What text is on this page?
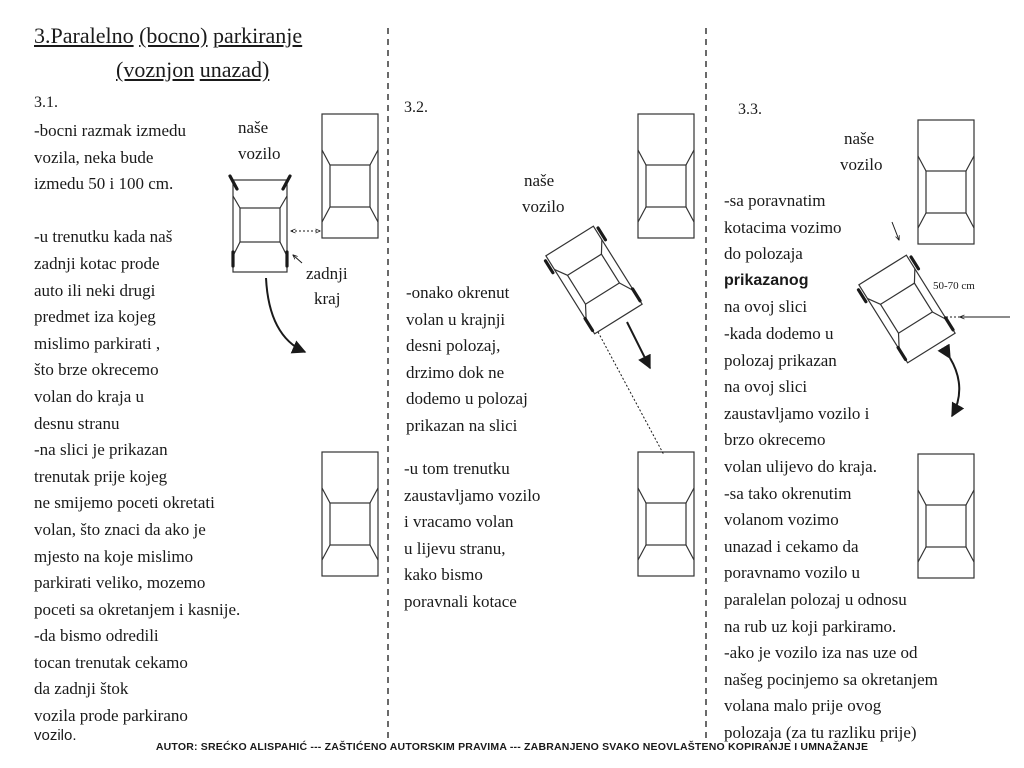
3.Paralelno (bocno) parkiranje
(voznjon unazad)
3.1.
-bocni razmak izmedu
vozila, neka bude
izmedu 50 i 100 cm.

-u trenutku kada naš
zadnji kotac prode
auto ili neki drugi
predmet iza kojeg
mislimo parkirati ,
što brze okrecemo
volan do kraja u
desnu stranu
-na slici je prikazan
trenutak prije kojeg
ne smijemo poceti okretati
volan, što znaci da ako je
mjesto na koje mislimo
parkirati veliko, mozemo
poceti sa okretanjem i kasnije.
-da bismo odredili
tocan trenutak cekamo
da zadnji štok
vozila prode parkirano
vozilo.
naše
vozilo
zadnji
kraj
3.2.
naše
vozilo
-onako okrenut
volan u krajnji
desni polozaj,
drzimo dok ne
dodemo u polozaj
prikazan na slici
-u tom trenutku
zaustavljamo vozilo
i vracamo volan
u lijevu stranu,
kako bismo
poravnali kotace
3.3.
naše
vozilo
50-70 cm
-sa poravnatim
kotacima vozimo
do polozaja
prikazanog
na ovoj slici
-kada dodemo u
polozaj prikazan
na ovoj slici
zaustavljamo vozilo i
brzo okrecemo
volan ulijevo do kraja.
-sa tako okrenutim
volanom vozimo
unazad i cekamo da
poravnamo vozilo u
paralelan polozaj u odnosu
na rub uz koji parkiramo.
-ako je vozilo iza nas uze od
našeg pocinjemo sa okretanjem
volana malo prije ovog
polozaja (za tu razliku prije)
AUTOR: SREĆKO ALISPAHIĆ --- ZAŠTIĆENO AUTORSKIM PRAVIMA --- ZABRANJENO SVAKO NEOVLAŠTENO KOPIRANJE I UMNAŽANJE
